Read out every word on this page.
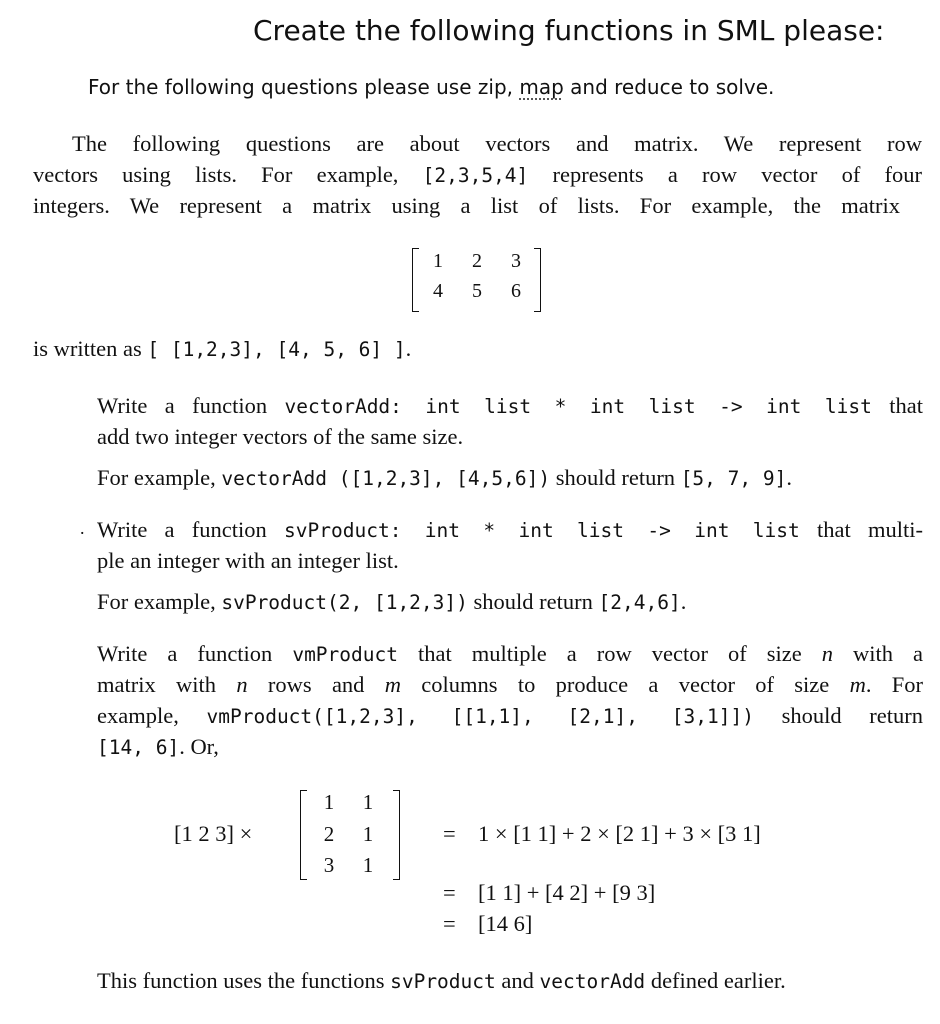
Create the following functions in SML please:
For the following questions please use zip, map and reduce to solve.
The following questions are about vectors and matrix. We represent row
vectors using lists. For example, [2,3,5,4] represents a row vector of four
integers. We represent a matrix using a list of lists. For example, the matrix
1	2	3
4	5	6
is written as [ [1,2,3], [4, 5, 6] ].
Write a function vectorAdd: int list * int list -> int list that
add two integer vectors of the same size.
For example, vectorAdd ([1,2,3], [4,5,6]) should return [5, 7, 9].
. Write a function svProduct: int * int list -> int list that multi-
ple an integer with an integer list.
For example, svProduct(2, [1,2,3]) should return [2,4,6].
Write a function vmProduct that multiple a row vector of size n with a
matrix with n rows and m columns to produce a vector of size m. For
example, vmProduct([1,2,3], [[1,1], [2,1], [3,1]]) should return
[14, 6]. Or,
[1 2 3] ×
1	1
2	1
3	1
= 1 × [1 1] + 2 × [2 1] + 3 × [3 1]
= [1 1] + [4 2] + [9 3]
= [14 6]
This function uses the functions svProduct and vectorAdd defined earlier.
